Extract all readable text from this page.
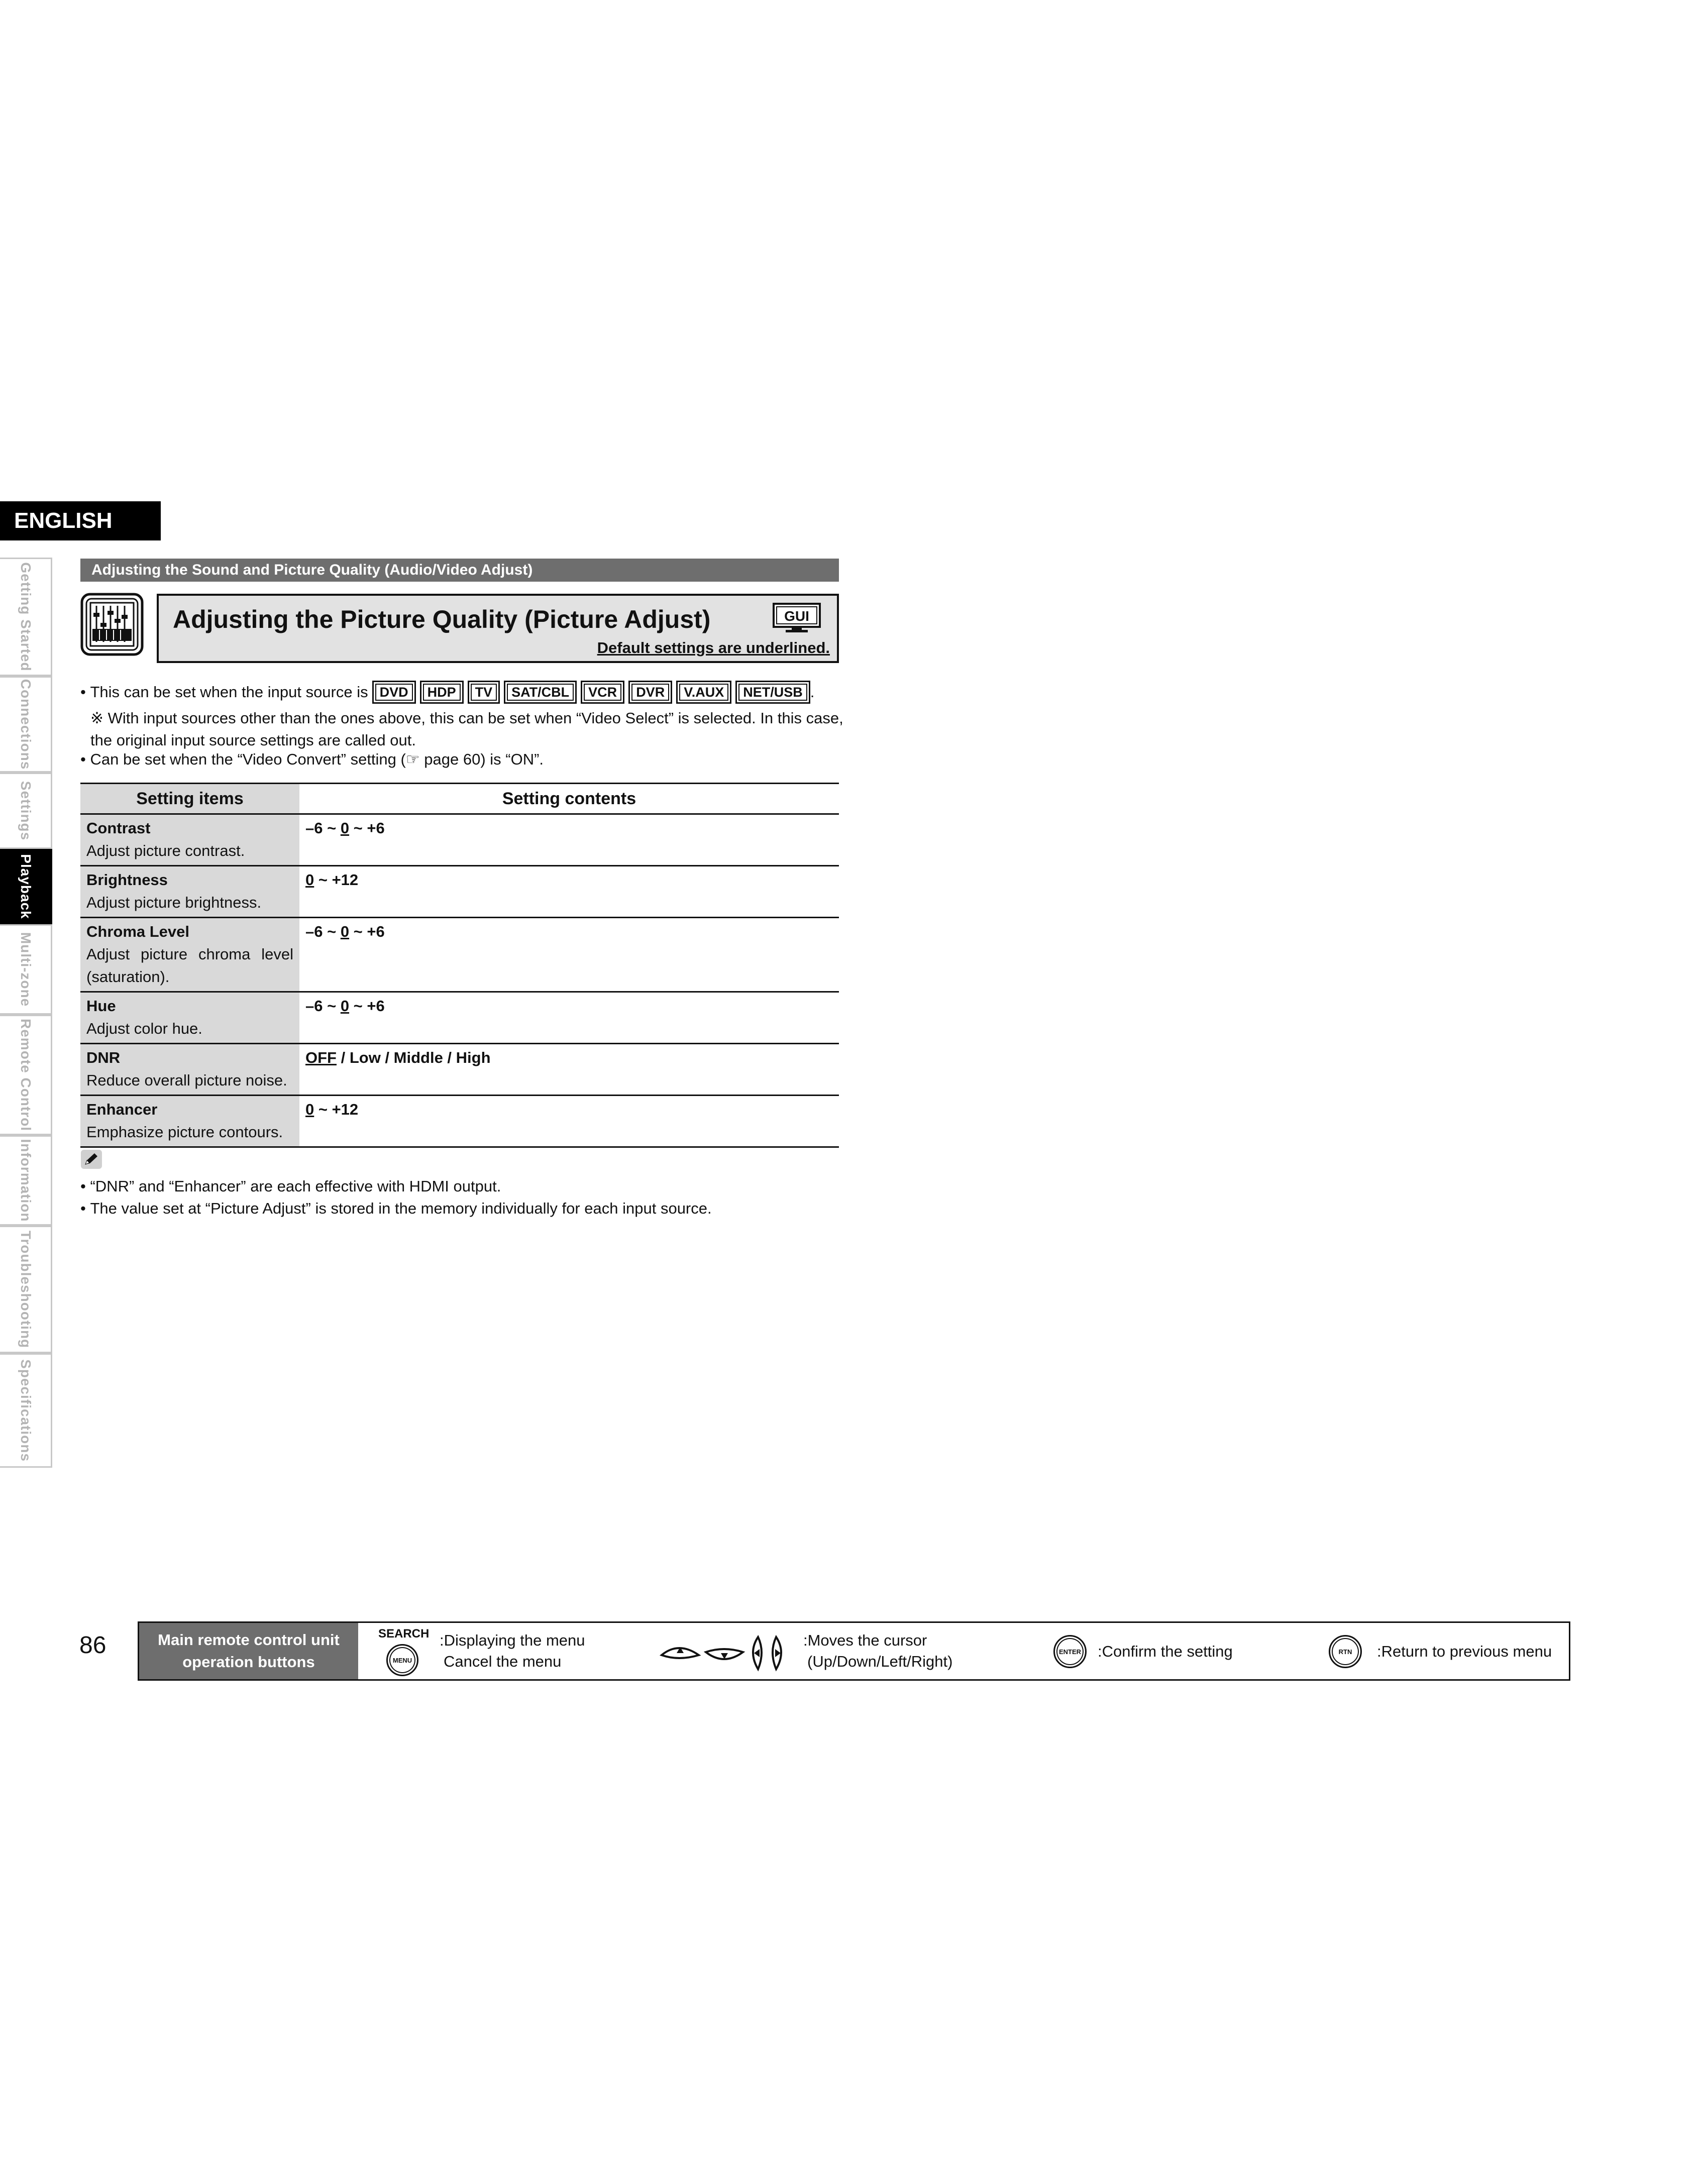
ENGLISH
Getting Started
Connections
Settings
Playback
Multi-zone
Remote Control
Information
Troubleshooting
Specifications
Adjusting the Sound and Picture Quality (Audio/Video Adjust)
Adjusting the Picture Quality (Picture Adjust)	GUI
Default settings are underlined.
• This can be set when the input source is DVD	HDP	TV	SAT/CBL	VCR	DVR	V.AUX	NET/USB .
※ With input sources other than the ones above, this can be set when “Video Select” is selected. In this case, the original input source settings are called out.
• Can be set when the “Video Convert” setting (☞ page 60) is “ON”.
Setting items	Setting contents

Contrast
Adjust picture contrast.	–6 ~ 0 ~ +6

Brightness
Adjust picture brightness.	0 ~ +12

Chroma Level
Adjust picture chroma level (saturation).	–6 ~ 0 ~ +6

Hue
Adjust color hue.	–6 ~ 0 ~ +6

DNR
Reduce overall picture noise.	OFF / Low / Middle / High

Enhancer
Emphasize picture contours.	0 ~ +12
• “DNR” and “Enhancer” are each effective with HDMI output.
• The value set at “Picture Adjust” is stored in the memory individually for each input source.
86	Main remote control unit operation buttons
SEARCH
MENU
:Displaying the menu
Cancel the menu
:Moves the cursor
(Up/Down/Left/Right)
ENTER :Confirm the setting	RTN :Return to previous menu
